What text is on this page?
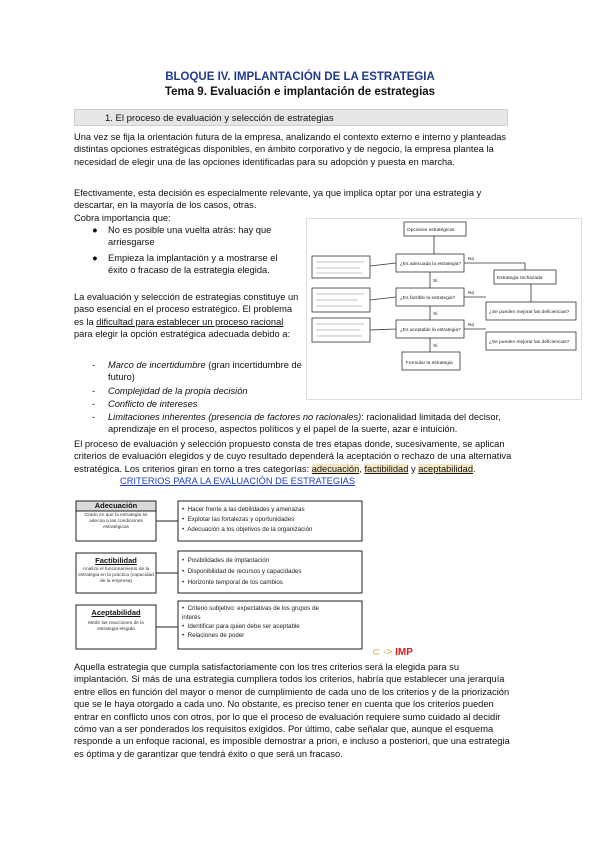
BLOQUE IV. IMPLANTACIÓN DE LA ESTRATEGIA
Tema 9. Evaluación e implantación de estrategias
1. El proceso de evaluación y selección de estrategias

Una vez se fija la orientación futura de la empresa, analizando el contexto externo e interno y planteadas distintas opciones estratégicas disponibles, en ámbito corporativo y de negocio, la empresa plantea la necesidad de elegir una de las opciones identificadas para su adopción y puesta en marcha.

Efectivamente, esta decisión es especialmente relevante, ya que implica optar por una estrategia y descartar, en la mayoría de los casos, otras.

Cobra importancia que:

● No es posible una vuelta atrás: hay que arriesgarse
● Empieza la implantación y a mostrarse el éxito o fracaso de la estrategia elegida.

La evaluación y selección de estrategias constituye un paso esencial en el proceso estratégico. El problema es la dificultad para establecer un proceso racional para elegir la opción estratégica adecuada debido a:

- Marco de incertidumbre (gran incertidumbre de futuro)
- Complejidad de la propia decisión
- Conflicto de intereses
- Limitaciones inherentes (presencia de factores no racionales): racionalidad limitada del decisor, aprendizaje en el proceso, aspectos políticos y el papel de la suerte, azar e intuición.

El proceso de evaluación y selección propuesto consta de tres etapas donde, sucesivamente, se aplican criterios de evaluación elegidos y de cuyo resultado dependerá la aceptación o rechazo de una alternativa estratégica. Los criterios giran en torno a tres categorías: adecuación, factibilidad y aceptabilidad.CRITERIOS PARA LA EVALUACIÓN DE ESTRATEGIAS

Opciones estratégicas
¿Es adecuada la estrategia?
¿Es factible la estrategia?
¿Es aceptable la estrategia?
Formular la estrategia
Estrategia rechazada
¿Se pueden mejorar las deficiencias?
¿Se pueden mejorar las deficiencias?
No
No
No
Sí
Sí
Sí
Adecuación
Grado en que la estrategia se adecúa a las condiciones estratégicas
Factibilidad
Analiza el funcionamiento de la estrategia en la práctica (capacidad de la empresa)
Aceptabilidad
Medir las reacciones de la estrategia elegida
•  Hacer frente a las debilidades y amenazas
•  Explotar las fortalezas y oportunidades
•  Adecuación a los objetivos de la organización
•  Posibilidades de implantación
•  Disponibilidad de recursos y capacidades
•  Horizonte temporal de los cambios
•  Criterio subjetivo: expectativas de los grupos de interés
•  Identificar para quien debe ser aceptable
•  Relaciones de poder
⊂ -> IMP

Aquella estrategia que cumpla satisfactoriamente con los tres criterios será la elegida para su implantación. Si más de una estrategia cumpliera todos los criterios, habría que establecer una jerarquía entre ellos en función del mayor o menor de cumplimiento de cada uno de los criterios y de la priorización que se le haya otorgado a cada uno. No obstante, es preciso tener en cuenta que los criterios pueden entrar en conflicto unos con otros, por lo que el proceso de evaluación requiere sumo cuidado al decidir cómo van a ser ponderados los requisitos exigidos. Por último, cabe señalar que, aunque el esquema responde a un enfoque racional, es imposible demostrar a priori, e incluso a posteriori, que una estrategia es óptima y de garantizar que tendrá éxito o que será un fracaso.
